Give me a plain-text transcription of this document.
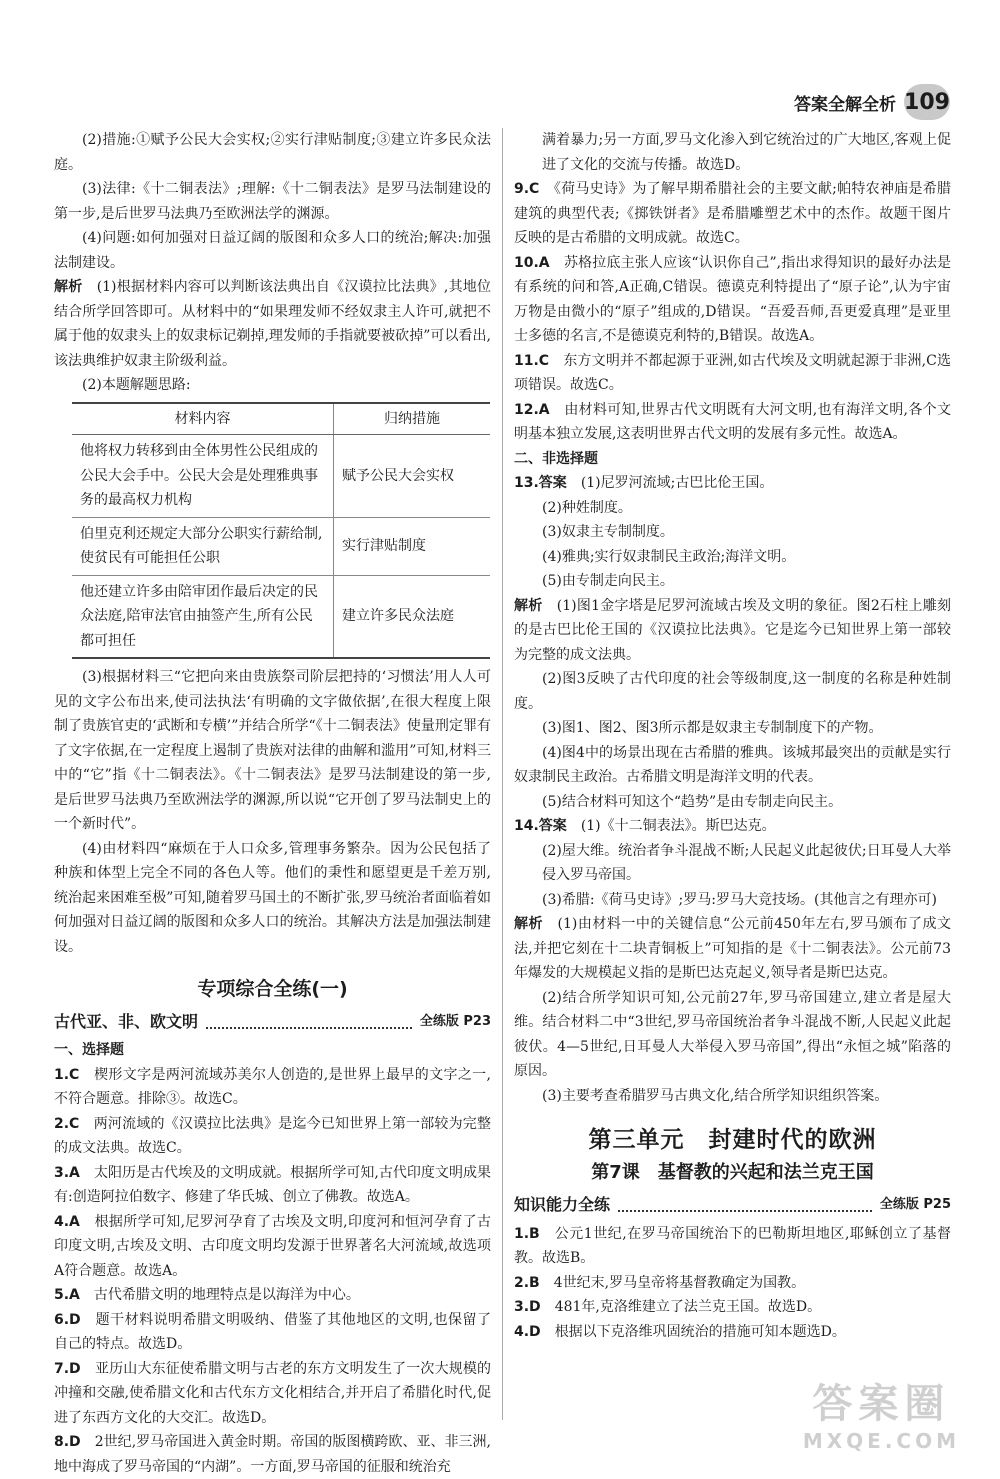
答案全解全析 109

(2)措施:①赋予公民大会实权;②实行津贴制度;③建立许多民众法庭。

(3)法律:《十二铜表法》;理解:《十二铜表法》是罗马法制建设的第一步,是后世罗马法典乃至欧洲法学的渊源。

(4)问题:如何加强对日益辽阔的版图和众多人口的统治;解决:加强法制建设。

解析　 (1)根据材料内容可以判断该法典出自《汉谟拉比法典》,其地位结合所学回答即可。从材料中的“如果理发师不经奴隶主人许可,就把不属于他的奴隶头上的奴隶标记剃掉,理发师的手指就要被砍掉”可以看出,该法典维护奴隶主阶级利益。

(2)本题解题思路:

材料内容	归纳措施
他将权力转移到由全体男性公民组成的公民大会手中。公民大会是处理雅典事务的最高权力机构	赋予公民大会实权
伯里克利还规定大部分公职实行薪给制,使贫民有可能担任公职	实行津贴制度
他还建立许多由陪审团作最后决定的民众法庭,陪审法官由抽签产生,所有公民都可担任	建立许多民众法庭

(3)根据材料三“它把向来由贵族祭司阶层把持的‘习惯法’用人人可见的文字公布出来,使司法执法‘有明确的文字做依据’,在很大程度上限制了贵族官吏的‘武断和专横’”并结合所学“《十二铜表法》使量刑定罪有了文字依据,在一定程度上遏制了贵族对法律的曲解和滥用”可知,材料三中的“它”指《十二铜表法》。《十二铜表法》是罗马法制建设的第一步,是后世罗马法典乃至欧洲法学的渊源,所以说“它开创了罗马法制史上的一个新时代”。

(4)由材料四“麻烦在于人口众多,管理事务繁杂。因为公民包括了种族和体型上完全不同的各色人等。他们的秉性和愿望更是千差万别,统治起来困难至极”可知,随着罗马国土的不断扩张,罗马统治者面临着如何加强对日益辽阔的版图和众多人口的统治。其解决方法是加强法制建设。

专项综合全练(一)
古代亚、非、欧文明	全练版 P23

一、选择题

1.C　 楔形文字是两河流域苏美尔人创造的,是世界上最早的文字之一,不符合题意。排除③。故选C。

2.C　 两河流域的《汉谟拉比法典》是迄今已知世界上第一部较为完整的成文法典。故选C。

3.A　 太阳历是古代埃及的文明成就。根据所学可知,古代印度文明成果有:创造阿拉伯数字、修建了华氏城、创立了佛教。故选A。

4.A　 根据所学可知,尼罗河孕育了古埃及文明,印度河和恒河孕育了古印度文明,古埃及文明、古印度文明均发源于世界著名大河流域,故选项A符合题意。故选A。

5.A　 古代希腊文明的地理特点是以海洋为中心。

6.D　 题干材料说明希腊文明吸纳、借鉴了其他地区的文明,也保留了自己的特点。故选D。

7.D　 亚历山大东征使希腊文明与古老的东方文明发生了一次大规模的冲撞和交融,使希腊文化和古代东方文化相结合,并开启了希腊化时代,促进了东西方文化的大交汇。故选D。

8.D　 2世纪,罗马帝国进入黄金时期。帝国的版图横跨欧、亚、非三洲,地中海成了罗马帝国的“内湖”。一方面,罗马帝国的征服和统治充

满着暴力;另一方面,罗马文化渗入到它统治过的广大地区,客观上促进了文化的交流与传播。故选D。

9.C　 《荷马史诗》为了解早期希腊社会的主要文献;帕特农神庙是希腊建筑的典型代表;《掷铁饼者》是希腊雕塑艺术中的杰作。故题干图片反映的是古希腊的文明成就。故选C。

10.A　 苏格拉底主张人应该“认识你自己”,指出求得知识的最好办法是有系统的问和答,A正确,C错误。德谟克利特提出了“原子论”,认为宇宙万物是由微小的“原子”组成的,D错误。“吾爱吾师,吾更爱真理”是亚里士多德的名言,不是德谟克利特的,B错误。故选A。

11.C　 东方文明并不都起源于亚洲,如古代埃及文明就起源于非洲,C选项错误。故选C。

12.A　 由材料可知,世界古代文明既有大河文明,也有海洋文明,各个文明基本独立发展,这表明世界古代文明的发展有多元性。故选A。

二、非选择题

13.答案　 (1)尼罗河流域;古巴比伦王国。

(2)种姓制度。

(3)奴隶主专制制度。

(4)雅典;实行奴隶制民主政治;海洋文明。

(5)由专制走向民主。

解析　 (1)图1金字塔是尼罗河流域古埃及文明的象征。图2石柱上雕刻的是古巴比伦王国的《汉谟拉比法典》。它是迄今已知世界上第一部较为完整的成文法典。

(2)图3反映了古代印度的社会等级制度,这一制度的名称是种姓制度。

(3)图1、图2、图3所示都是奴隶主专制制度下的产物。

(4)图4中的场景出现在古希腊的雅典。该城邦最突出的贡献是实行奴隶制民主政治。古希腊文明是海洋文明的代表。

(5)结合材料可知这个“趋势”是由专制走向民主。

14.答案　 (1)《十二铜表法》。斯巴达克。

(2)屋大维。统治者争斗混战不断;人民起义此起彼伏;日耳曼人大举侵入罗马帝国。

(3)希腊:《荷马史诗》;罗马:罗马大竞技场。(其他言之有理亦可)

解析　 (1)由材料一中的关键信息“公元前450年左右,罗马颁布了成文法,并把它刻在十二块青铜板上”可知指的是《十二铜表法》。公元前73年爆发的大规模起义指的是斯巴达克起义,领导者是斯巴达克。

(2)结合所学知识可知,公元前27年,罗马帝国建立,建立者是屋大维。结合材料二中“3世纪,罗马帝国统治者争斗混战不断,人民起义此起彼伏。4—5世纪,日耳曼人大举侵入罗马帝国”,得出“永恒之城”陷落的原因。

(3)主要考查希腊罗马古典文化,结合所学知识组织答案。

第三单元　封建时代的欧洲
第7课　基督教的兴起和法兰克王国
知识能力全练	全练版 P25

1.B　 公元1世纪,在罗马帝国统治下的巴勒斯坦地区,耶稣创立了基督教。故选B。

2.B　 4世纪末,罗马皇帝将基督教确定为国教。

3.D　 481年,克洛维建立了法兰克王国。故选D。

4.D　 根据以下克洛维巩固统治的措施可知本题选D。

答案圈
MXQE.COM
